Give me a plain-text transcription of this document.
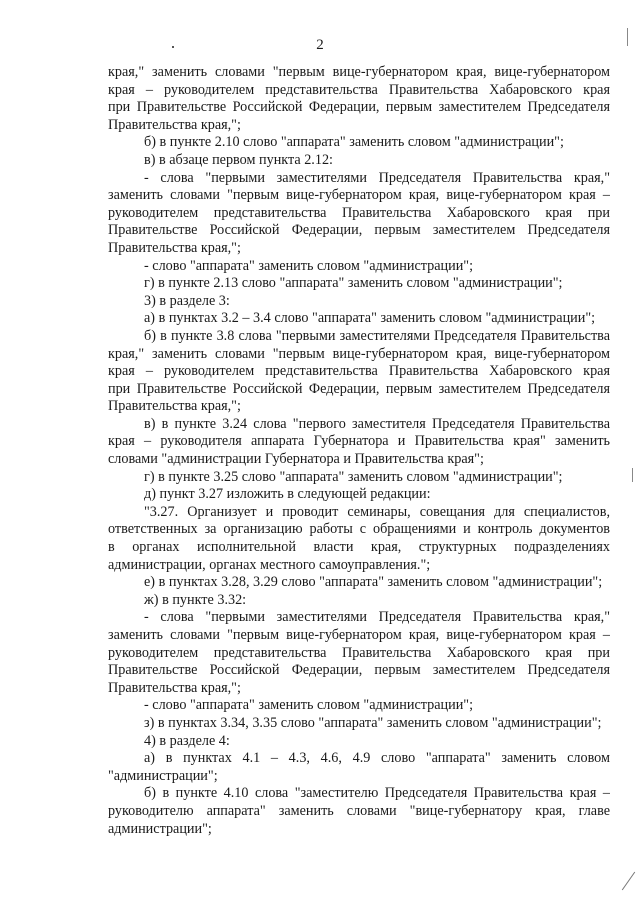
2
края," заменить словами "первым вице-губернатором края, вице-губернатором
края – руководителем представительства Правительства Хабаровского края
при Правительстве Российской Федерации, первым заместителем Председателя
Правительства края,";
б) в пункте 2.10 слово "аппарата" заменить словом "администрации";
в) в абзаце первом пункта 2.12:
- слова "первыми заместителями Председателя Правительства края,"
заменить словами "первым вице-губернатором края, вице-губернатором края –
руководителем представительства Правительства Хабаровского края при
Правительстве Российской Федерации, первым заместителем Председателя
Правительства края,";
- слово "аппарата" заменить словом "администрации";
г) в пункте 2.13 слово "аппарата" заменить словом "администрации";
3) в разделе 3:
а) в пунктах 3.2 – 3.4 слово "аппарата" заменить словом "администрации";
б) в пункте 3.8 слова "первыми заместителями Председателя Правительства
края," заменить словами "первым вице-губернатором края, вице-губернатором
края – руководителем представительства Правительства Хабаровского края
при Правительстве Российской Федерации, первым заместителем Председателя
Правительства края,";
в) в пункте 3.24 слова "первого заместителя Председателя Правительства
края – руководителя аппарата Губернатора и Правительства края" заменить
словами "администрации Губернатора и Правительства края";
г) в пункте 3.25 слово "аппарата" заменить словом "администрации";
д) пункт 3.27 изложить в следующей редакции:
"3.27. Организует и проводит семинары, совещания для специалистов,
ответственных за организацию работы с обращениями и контроль документов
в органах исполнительной власти края, структурных подразделениях
администрации, органах местного самоуправления.";
е) в пунктах 3.28, 3.29 слово "аппарата" заменить словом "администрации";
ж) в пункте 3.32:
- слова "первыми заместителями Председателя Правительства края,"
заменить словами "первым вице-губернатором края, вице-губернатором края –
руководителем представительства Правительства Хабаровского края при
Правительстве Российской Федерации, первым заместителем Председателя
Правительства края,";
- слово "аппарата" заменить словом "администрации";
з) в пунктах 3.34, 3.35 слово "аппарата" заменить словом "администрации";
4) в разделе 4:
а) в пунктах 4.1 – 4.3, 4.6, 4.9 слово "аппарата" заменить словом
"администрации";
б) в пункте 4.10 слова "заместителю Председателя Правительства края –
руководителю аппарата" заменить словами "вице-губернатору края, главе
администрации";
